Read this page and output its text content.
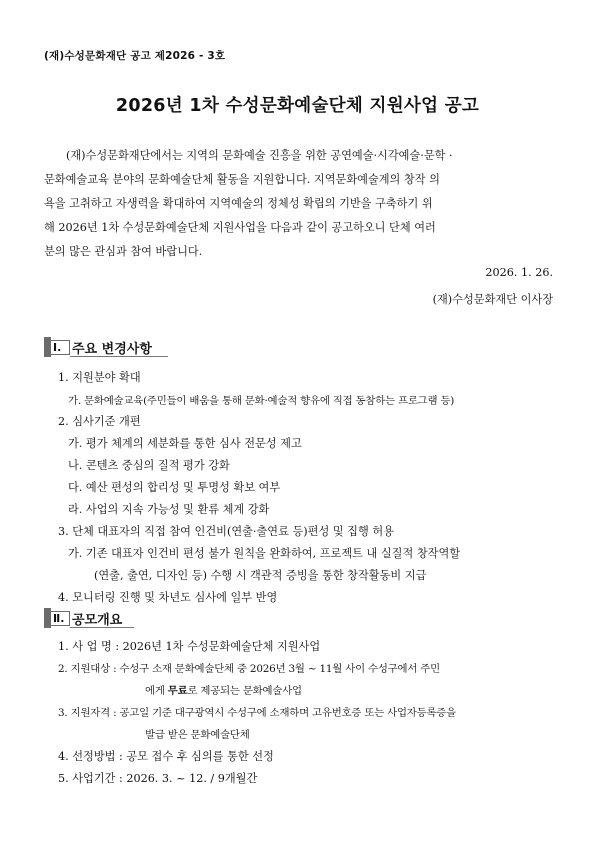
(재)수성문화재단 공고 제2026 - 3호
2026년 1차 수성문화예술단체 지원사업 공고
(재)수성문화재단에서는 지역의 문화예술 진흥을 위한 공연예술·시각예술·문학 ·
문화예술교육 분야의 문화예술단체 활동을 지원합니다. 지역문화예술계의 창작 의
욕을 고취하고 자생력을 확대하여 지역예술의 정체성 확립의 기반을 구축하기 위
해 2026년 1차 수성문화예술단체 지원사업을 다음과 같이 공고하오니 단체 여러
분의 많은 관심과 참여 바랍니다.
2026. 1. 26.
(재)수성문화재단 이사장
Ⅰ. 주요 변경사항
1. 지원분야 확대
가. 문화예술교육(주민들이 배움을 통해 문화·예술적 향유에 직접 동참하는 프로그램 등)
2. 심사기준 개편
가. 평가 체계의 세분화를 통한 심사 전문성 제고
나. 콘텐츠 중심의 질적 평가 강화
다. 예산 편성의 합리성 및 투명성 확보 여부
라. 사업의 지속 가능성 및 환류 체계 강화
3. 단체 대표자의 직접 참여 인건비(연출·출연료 등)편성 및 집행 허용
가. 기존 대표자 인건비 편성 불가 원칙을 완화하여, 프로젝트 내 실질적 창작역할
(연출, 출연, 디자인 등) 수행 시 객관적 증빙을 통한 창작활동비 지급
4. 모니터링 진행 및 차년도 심사에 일부 반영
Ⅱ. 공모개요
1. 사 업 명 : 2026년 1차 수성문화예술단체 지원사업
2. 지원대상 : 수성구 소재 문화예술단체 중 2026년 3월 ~ 11월 사이 수성구에서 주민
에게 무료로 제공되는 문화예술사업
3. 지원자격 : 공고일 기준 대구광역시 수성구에 소재하며 고유번호증 또는 사업자등록증을
발급 받은 문화예술단체
4. 선정방법 : 공모 접수 후 심의를 통한 선정
5. 사업기간 : 2026. 3. ~ 12. / 9개월간
